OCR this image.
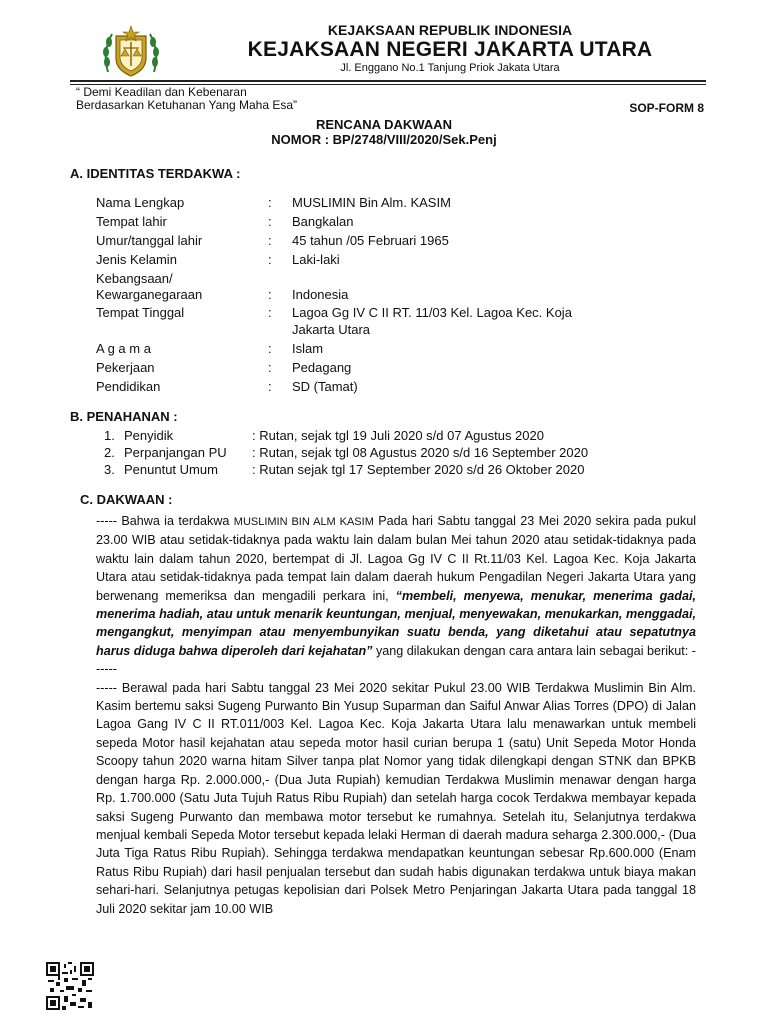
KEJAKSAAN REPUBLIK INDONESIA
KEJAKSAAN NEGERI JAKARTA UTARA
Jl. Enggano No.1 Tanjung Priok Jakata Utara
“ Demi Keadilan dan Kebenaran
Berdasarkan Ketuhanan Yang Maha Esa”	SOP-FORM 8
RENCANA DAKWAAN
NOMOR : BP/2748/VIII/2020/Sek.Penj
A. IDENTITAS TERDAKWA :
Nama Lengkap	: MUSLIMIN Bin Alm. KASIM
Tempat lahir	: Bangkalan
Umur/tanggal lahir	: 45 tahun /05 Februari 1965
Jenis Kelamin	: Laki-laki
Kebangsaan/
Kewarganegaraan	: Indonesia
Tempat Tinggal	: Lagoa Gg IV C II RT. 11/03 Kel. Lagoa Kec. Koja
Jakarta Utara
A g a m a	: Islam
Pekerjaan	: Pedagang
Pendidikan	: SD (Tamat)
B. PENAHANAN :
1. Penyidik	: Rutan, sejak tgl 19 Juli 2020 s/d 07 Agustus 2020
2. Perpanjangan PU : Rutan, sejak tgl 08 Agustus 2020 s/d 16 September 2020
3. Penuntut Umum	: Rutan sejak tgl 17 September 2020 s/d 26 Oktober 2020
C. DAKWAAN :

----- Bahwa ia terdakwa MUSLIMIN BIN ALM KASIM Pada hari Sabtu tanggal 23 Mei 2020 sekira pada pukul 23.00 WIB atau setidak-tidaknya pada waktu lain dalam bulan Mei tahun 2020 atau setidak-tidaknya pada waktu lain dalam tahun 2020, bertempat di Jl. Lagoa Gg IV C II Rt.11/03 Kel. Lagoa Kec. Koja Jakarta Utara atau setidak-tidaknya pada tempat lain dalam daerah hukum Pengadilan Negeri Jakarta Utara yang berwenang memeriksa dan mengadili perkara ini, “membeli, menyewa, menukar, menerima gadai, menerima hadiah, atau untuk menarik keuntungan, menjual, menyewakan, menukarkan, menggadai, mengangkut, menyimpan atau menyembunyikan suatu benda, yang diketahui atau sepatutnya harus diduga bahwa diperoleh dari kejahatan” yang dilakukan dengan cara antara lain sebagai berikut: ------

----- Berawal pada hari Sabtu tanggal 23 Mei 2020 sekitar Pukul 23.00 WIB Terdakwa Muslimin Bin Alm. Kasim bertemu saksi Sugeng Purwanto Bin Yusup Suparman dan Saiful Anwar Alias Torres (DPO) di Jalan Lagoa Gang IV C II RT.011/003 Kel. Lagoa Kec. Koja Jakarta Utara lalu menawarkan untuk membeli sepeda Motor hasil kejahatan atau sepeda motor hasil curian berupa 1 (satu) Unit Sepeda Motor Honda Scoopy tahun 2020 warna hitam Silver tanpa plat Nomor yang tidak dilengkapi dengan STNK dan BPKB dengan harga Rp. 2.000.000,- (Dua Juta Rupiah) kemudian Terdakwa Muslimin menawar dengan harga Rp. 1.700.000 (Satu Juta Tujuh Ratus Ribu Rupiah) dan setelah harga cocok Terdakwa membayar kepada saksi Sugeng Purwanto dan membawa motor tersebut ke rumahnya. Setelah itu, Selanjutnya terdakwa menjual kembali Sepeda Motor tersebut kepada lelaki Herman di daerah madura seharga 2.300.000,- (Dua Juta Tiga Ratus Ribu Rupiah). Sehingga terdakwa mendapatkan keuntungan sebesar Rp.600.000 (Enam Ratus Ribu Rupiah) dari hasil penjualan tersebut dan sudah habis digunakan terdakwa untuk biaya makan sehari-hari. Selanjutnya petugas kepolisian dari Polsek Metro Penjaringan Jakarta Utara pada tanggal 18 Juli 2020 sekitar jam 10.00 WIB
